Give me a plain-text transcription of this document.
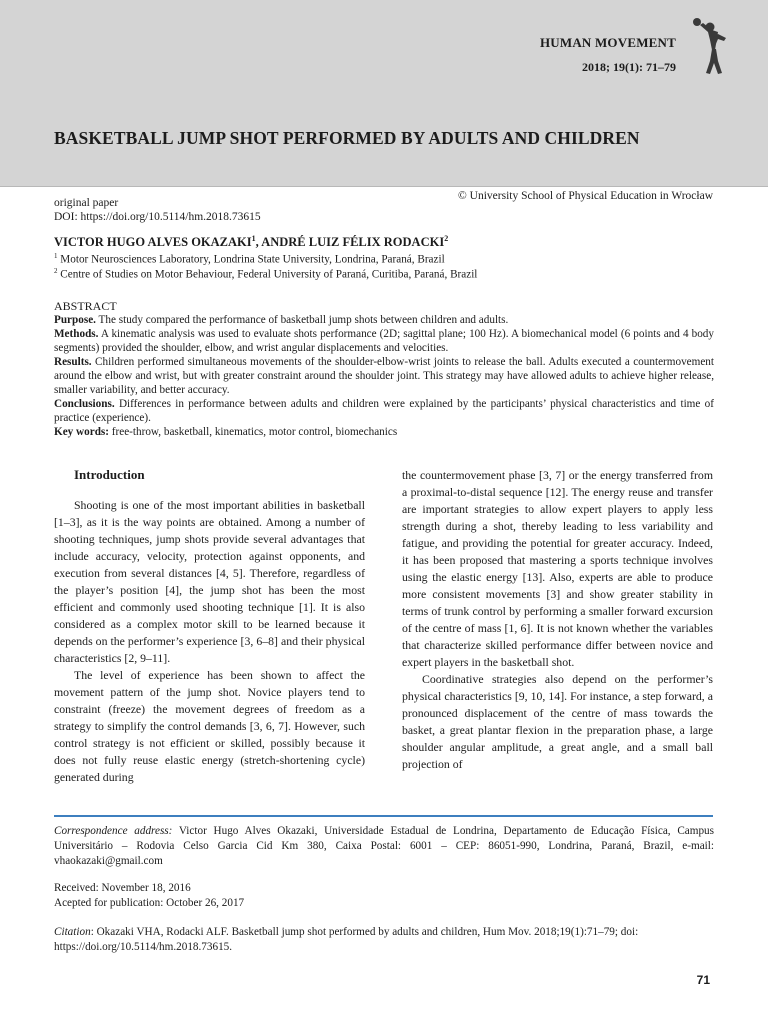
HUMAN MOVEMENT
2018; 19(1): 71–79
BASKETBALL JUMP SHOT PERFORMED BY ADULTS AND CHILDREN
© University School of Physical Education in Wrocław
original paper
DOI: https://doi.org/10.5114/hm.2018.73615
VICTOR HUGO ALVES OKAZAKI$^1$, ANDRÉ LUIZ FÉLIX RODACKI$^2$
$^1$ Motor Neurosciences Laboratory, Londrina State University, Londrina, Paraná, Brazil
$^2$ Centre of Studies on Motor Behaviour, Federal University of Paraná, Curitiba, Paraná, Brazil
ABSTRACT
Purpose. The study compared the performance of basketball jump shots between children and adults.
Methods. A kinematic analysis was used to evaluate shots performance (2D; sagittal plane; 100 Hz). A biomechanical model (6 points and 4 body segments) provided the shoulder, elbow, and wrist angular displacements and velocities.
Results. Children performed simultaneous movements of the shoulder-elbow-wrist joints to release the ball. Adults executed a countermovement around the elbow and wrist, but with greater constraint around the shoulder joint. This strategy may have allowed adults to achieve higher release, smaller variability, and better accuracy.
Conclusions. Differences in performance between adults and children were explained by the participants’ physical characteristics and time of practice (experience).
Key words: free-throw, basketball, kinematics, motor control, biomechanics
Introduction

Shooting is one of the most important abilities in basketball [1–3], as it is the way points are obtained. Among a number of shooting techniques, jump shots provide several advantages that include accuracy, velocity, protection against opponents, and execution from several distances [4, 5]. Therefore, regardless of the player’s position [4], the jump shot has been the most efficient and commonly used shooting technique [1]. It is also considered as a complex motor skill to be learned because it depends on the performer’s experience [3, 6–8] and their physical characteristics [2, 9–11].

The level of experience has been shown to affect the movement pattern of the jump shot. Novice players tend to constraint (freeze) the movement degrees of freedom as a strategy to simplify the control demands [3, 6, 7]. However, such control strategy is not efficient or skilled, possibly because it does not fully reuse elastic energy (stretch-shortening cycle) generated during

the countermovement phase [3, 7] or the energy transferred from a proximal-to-distal sequence [12]. The energy reuse and transfer are important strategies to allow expert players to apply less strength during a shot, thereby leading to less variability and fatigue, and providing the potential for greater accuracy. Indeed, it has been proposed that mastering a sports technique involves using the elastic energy [13]. Also, experts are able to produce more consistent movements [3] and show greater stability in terms of trunk control by performing a smaller forward excursion of the centre of mass [1, 6]. It is not known whether the variables that characterize skilled performance differ between novice and expert players in the basketball shot.

Coordinative strategies also depend on the performer’s physical characteristics [9, 10, 14]. For instance, a step forward, a pronounced displacement of the centre of mass towards the basket, a great plantar flexion in the preparation phase, a large shoulder angular amplitude, a great angle, and a small ball projection of

Correspondence address: Victor Hugo Alves Okazaki, Universidade Estadual de Londrina, Departamento de Educação Física, Campus Universitário – Rodovia Celso Garcia Cid Km 380, Caixa Postal: 6001 – CEP: 86051-990, Londrina, Paraná, Brazil, e-mail: vhaokazaki@gmail.com
Received: November 18, 2016
Acepted for publication: October 26, 2017
Citation: Okazaki VHA, Rodacki ALF. Basketball jump shot performed by adults and children, Hum Mov. 2018;19(1):71–79; doi: https://doi.org/10.5114/hm.2018.73615.
71
